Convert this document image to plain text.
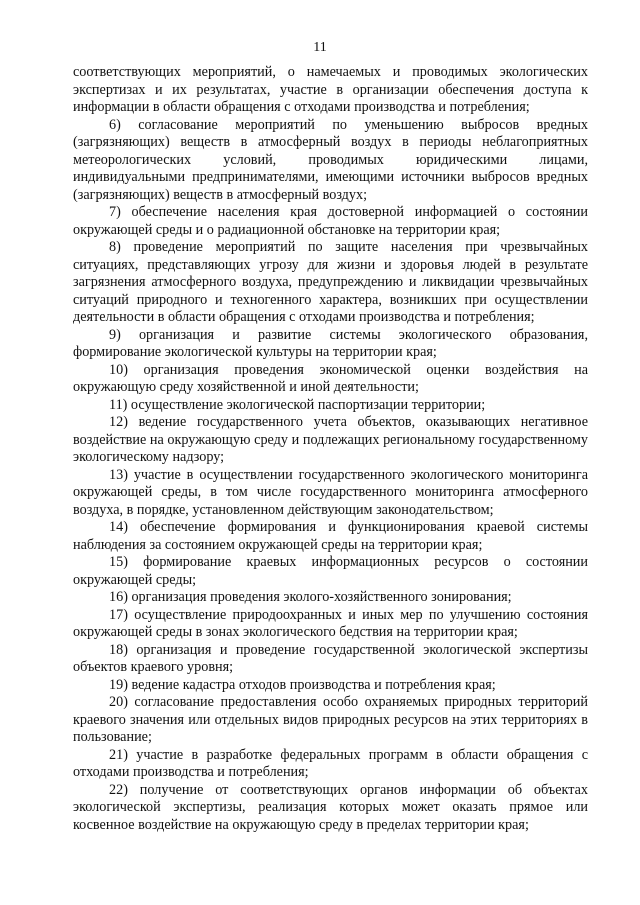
11

соответствующих мероприятий, о намечаемых и проводимых экологических экспертизах и их результатах, участие в организации обеспечения доступа к информации в области обращения с отходами производства и потребления;

6) согласование мероприятий по уменьшению выбросов вредных (загрязняющих) веществ в атмосферный воздух в периоды неблагоприятных метеорологических условий, проводимых юридическими лицами, индивидуальными предпринимателями, имеющими источники выбросов вредных (загрязняющих) веществ в атмосферный воздух;

7) обеспечение населения края достоверной информацией о состоянии окружающей среды и о радиационной обстановке на территории края;

8) проведение мероприятий по защите населения при чрезвычайных ситуациях, представляющих угрозу для жизни и здоровья людей в результате загрязнения атмосферного воздуха, предупреждению и ликвидации чрезвычайных ситуаций природного и техногенного характера, возникших при осуществлении деятельности в области обращения с отходами производства и потребления;

9) организация и развитие системы экологического образования, формирование экологической культуры на территории края;

10) организация проведения экономической оценки воздействия на окружающую среду хозяйственной и иной деятельности;

11) осуществление экологической паспортизации территории;

12) ведение государственного учета объектов, оказывающих негативное воздействие на окружающую среду и подлежащих региональному государственному экологическому надзору;

13) участие в осуществлении государственного экологического мониторинга окружающей среды, в том числе государственного мониторинга атмосферного воздуха, в порядке, установленном действующим законодательством;

14) обеспечение формирования и функционирования краевой системы наблюдения за состоянием окружающей среды на территории края;

15) формирование краевых информационных ресурсов о состоянии окружающей среды;

16) организация проведения эколого-хозяйственного зонирования;

17) осуществление природоохранных и иных мер по улучшению состояния окружающей среды в зонах экологического бедствия на территории края;

18) организация и проведение государственной экологической экспертизы объектов краевого уровня;

19) ведение кадастра отходов производства и потребления края;

20) согласование предоставления особо охраняемых природных территорий краевого значения или отдельных видов природных ресурсов на этих территориях в пользование;

21) участие в разработке федеральных программ в области обращения с отходами производства и потребления;

22) получение от соответствующих органов информации об объектах экологической экспертизы, реализация которых может оказать прямое или косвенное воздействие на окружающую среду в пределах территории края;
